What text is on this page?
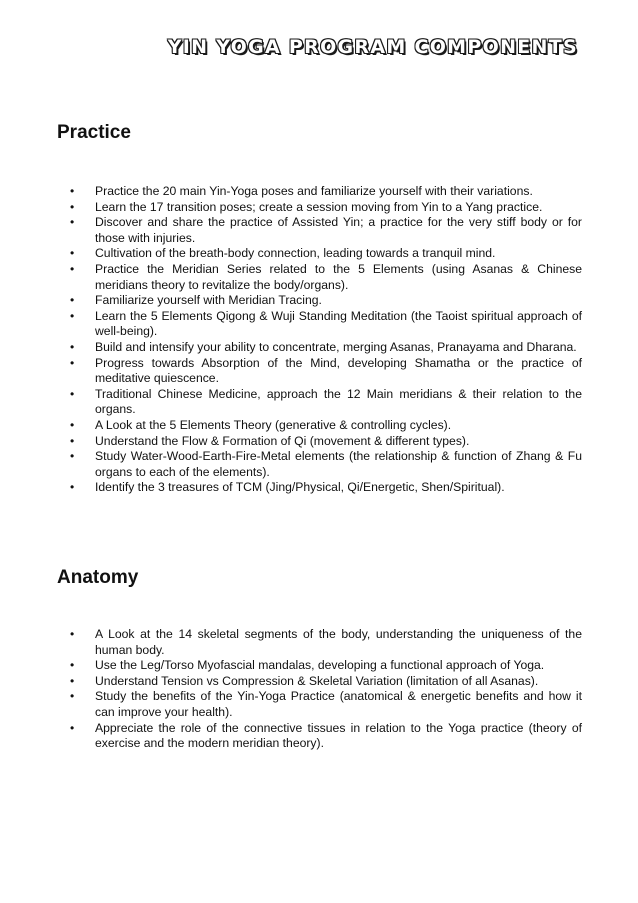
YIN YOGA PROGRAM COMPONENTS
Practice
• Practice the 20 main Yin-Yoga poses and familiarize yourself with their variations.
• Learn the 17 transition poses; create a session moving from Yin to a Yang practice.
• Discover and share the practice of Assisted Yin; a practice for the very stiff body or for those with injuries.
• Cultivation of the breath-body connection, leading towards a tranquil mind.
• Practice the Meridian Series related to the 5 Elements (using Asanas & Chinese meridians theory to revitalize the body/organs).
• Familiarize yourself with Meridian Tracing.
• Learn the 5 Elements Qigong & Wuji Standing Meditation (the Taoist spiritual approach of well-being).
• Build and intensify your ability to concentrate, merging Asanas, Pranayama and Dharana.
• Progress towards Absorption of the Mind, developing Shamatha or the practice of meditative quiescence.
• Traditional Chinese Medicine, approach the 12 Main meridians & their relation to the organs.
• A Look at the 5 Elements Theory (generative & controlling cycles).
• Understand the Flow & Formation of Qi (movement & different types).
• Study Water-Wood-Earth-Fire-Metal elements (the relationship & function of Zhang & Fu organs to each of the elements).
• Identify the 3 treasures of TCM (Jing/Physical, Qi/Energetic, Shen/Spiritual).
Anatomy
• A Look at the 14 skeletal segments of the body, understanding the uniqueness of the human body.
• Use the Leg/Torso Myofascial mandalas, developing a functional approach of Yoga.
• Understand Tension vs Compression & Skeletal Variation (limitation of all Asanas).
• Study the benefits of the Yin-Yoga Practice (anatomical & energetic benefits and how it can improve your health).
• Appreciate the role of the connective tissues in relation to the Yoga practice (theory of exercise and the modern meridian theory).
